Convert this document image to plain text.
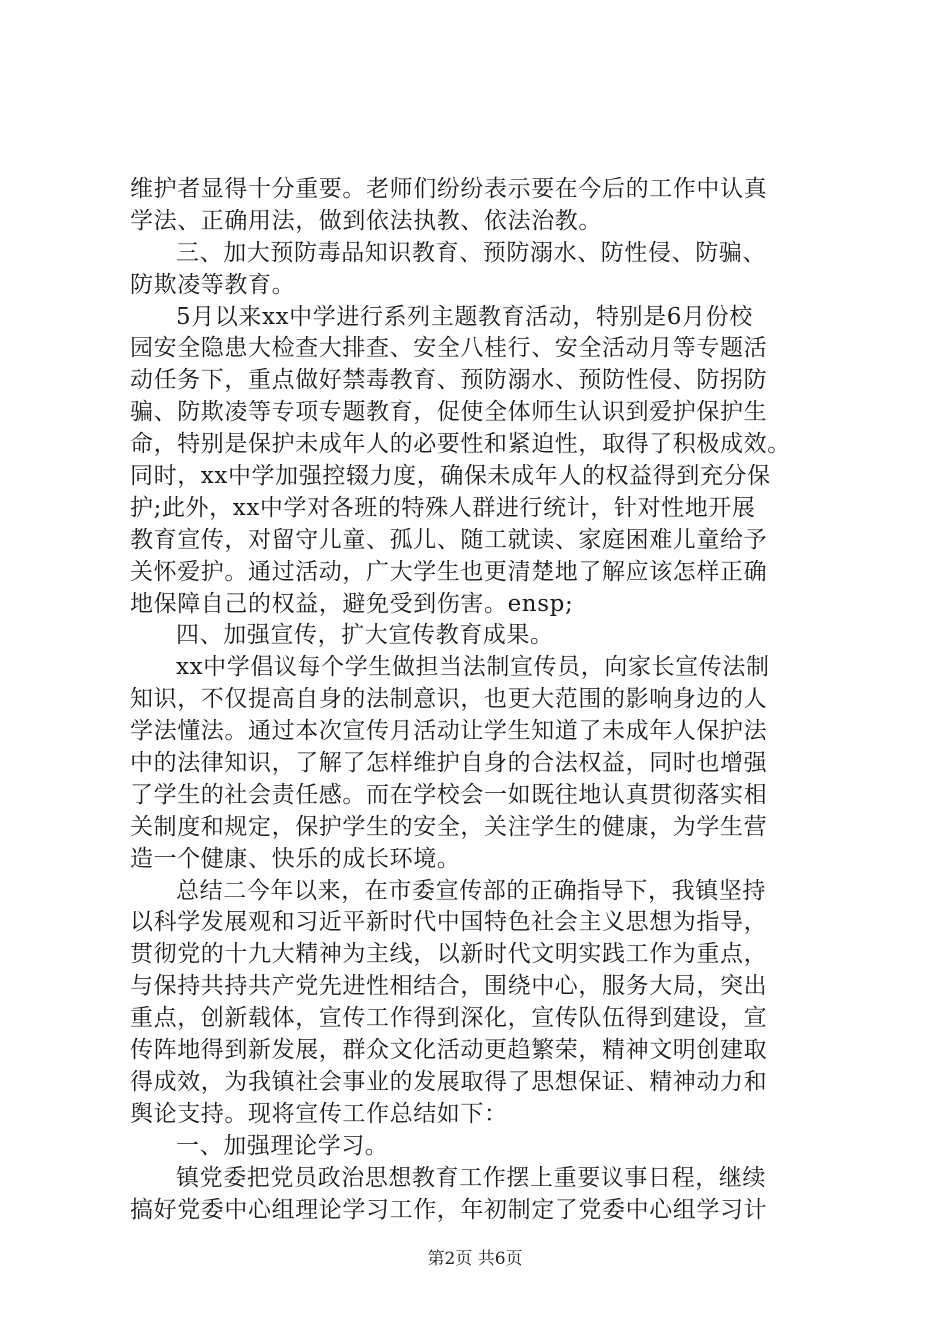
维护者显得十分重要。老师们纷纷表示要在今后的工作中认真
学法、正确用法，做到依法执教、依法治教。
三、加大预防毒品知识教育、预防溺水、防性侵、防骗、
防欺凌等教育。
5月以来xx中学进行系列主题教育活动，特别是6月份校
园安全隐患大检查大排查、安全八桂行、安全活动月等专题活
动任务下，重点做好禁毒教育、预防溺水、预防性侵、防拐防
骗、防欺凌等专项专题教育，促使全体师生认识到爱护保护生
命，特别是保护未成年人的必要性和紧迫性，取得了积极成效。
同时，xx中学加强控辍力度，确保未成年人的权益得到充分保
护;此外，xx中学对各班的特殊人群进行统计，针对性地开展
教育宣传，对留守儿童、孤儿、随工就读、家庭困难儿童给予
关怀爱护。通过活动，广大学生也更清楚地了解应该怎样正确
地保障自己的权益，避免受到伤害。ensp;
四、加强宣传，扩大宣传教育成果。
xx中学倡议每个学生做担当法制宣传员，向家长宣传法制
知识，不仅提高自身的法制意识，也更大范围的影响身边的人
学法懂法。通过本次宣传月活动让学生知道了未成年人保护法
中的法律知识，了解了怎样维护自身的合法权益，同时也增强
了学生的社会责任感。而在学校会一如既往地认真贯彻落实相
关制度和规定，保护学生的安全，关注学生的健康，为学生营
造一个健康、快乐的成长环境。
总结二今年以来，在市委宣传部的正确指导下，我镇坚持
以科学发展观和习近平新时代中国特色社会主义思想为指导，
贯彻党的十九大精神为主线，以新时代文明实践工作为重点，
与保持共持共产党先进性相结合，围绕中心，服务大局，突出
重点，创新载体，宣传工作得到深化，宣传队伍得到建设，宣
传阵地得到新发展，群众文化活动更趋繁荣，精神文明创建取
得成效，为我镇社会事业的发展取得了思想保证、精神动力和
舆论支持。现将宣传工作总结如下：
一、加强理论学习。
镇党委把党员政治思想教育工作摆上重要议事日程，继续
搞好党委中心组理论学习工作，年初制定了党委中心组学习计
第2页 共6页
